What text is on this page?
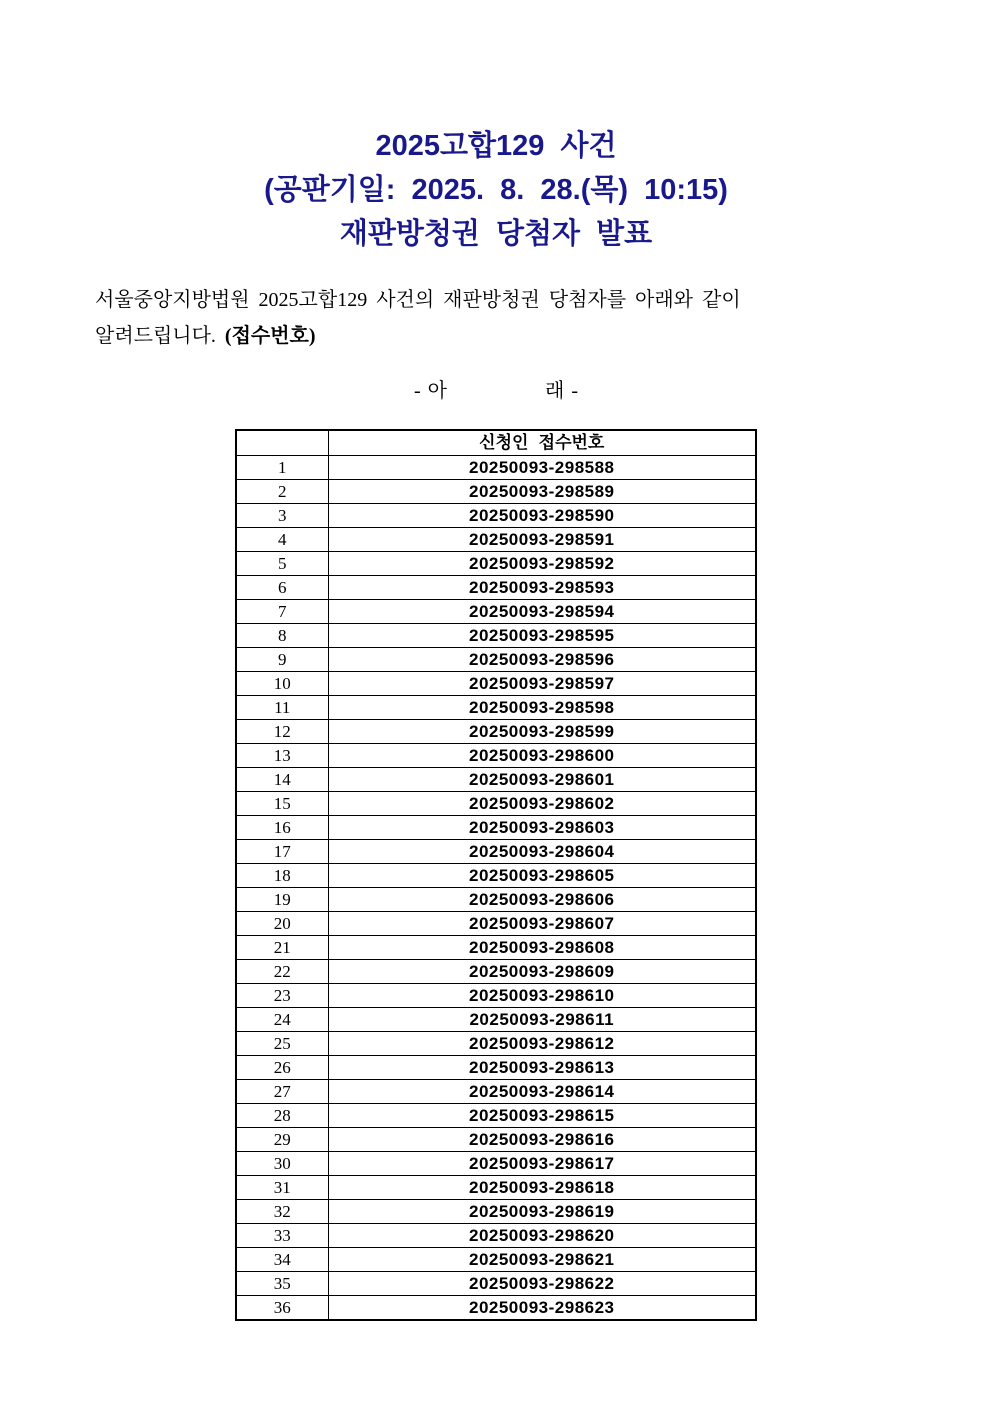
2025고합129 사건
(공판기일: 2025. 8. 28.(목) 10:15)
재판방청권 당첨자 발표

서울중앙지방법원 2025고합129 사건의 재판방청권 당첨자를 아래와 같이
알려드립니다. (접수번호)

- 아              래 -
	신청인 접수번호
1	20250093-298588
2	20250093-298589
3	20250093-298590
4	20250093-298591
5	20250093-298592
6	20250093-298593
7	20250093-298594
8	20250093-298595
9	20250093-298596
10	20250093-298597
11	20250093-298598
12	20250093-298599
13	20250093-298600
14	20250093-298601
15	20250093-298602
16	20250093-298603
17	20250093-298604
18	20250093-298605
19	20250093-298606
20	20250093-298607
21	20250093-298608
22	20250093-298609
23	20250093-298610
24	20250093-298611
25	20250093-298612
26	20250093-298613
27	20250093-298614
28	20250093-298615
29	20250093-298616
30	20250093-298617
31	20250093-298618
32	20250093-298619
33	20250093-298620
34	20250093-298621
35	20250093-298622
36	20250093-298623
